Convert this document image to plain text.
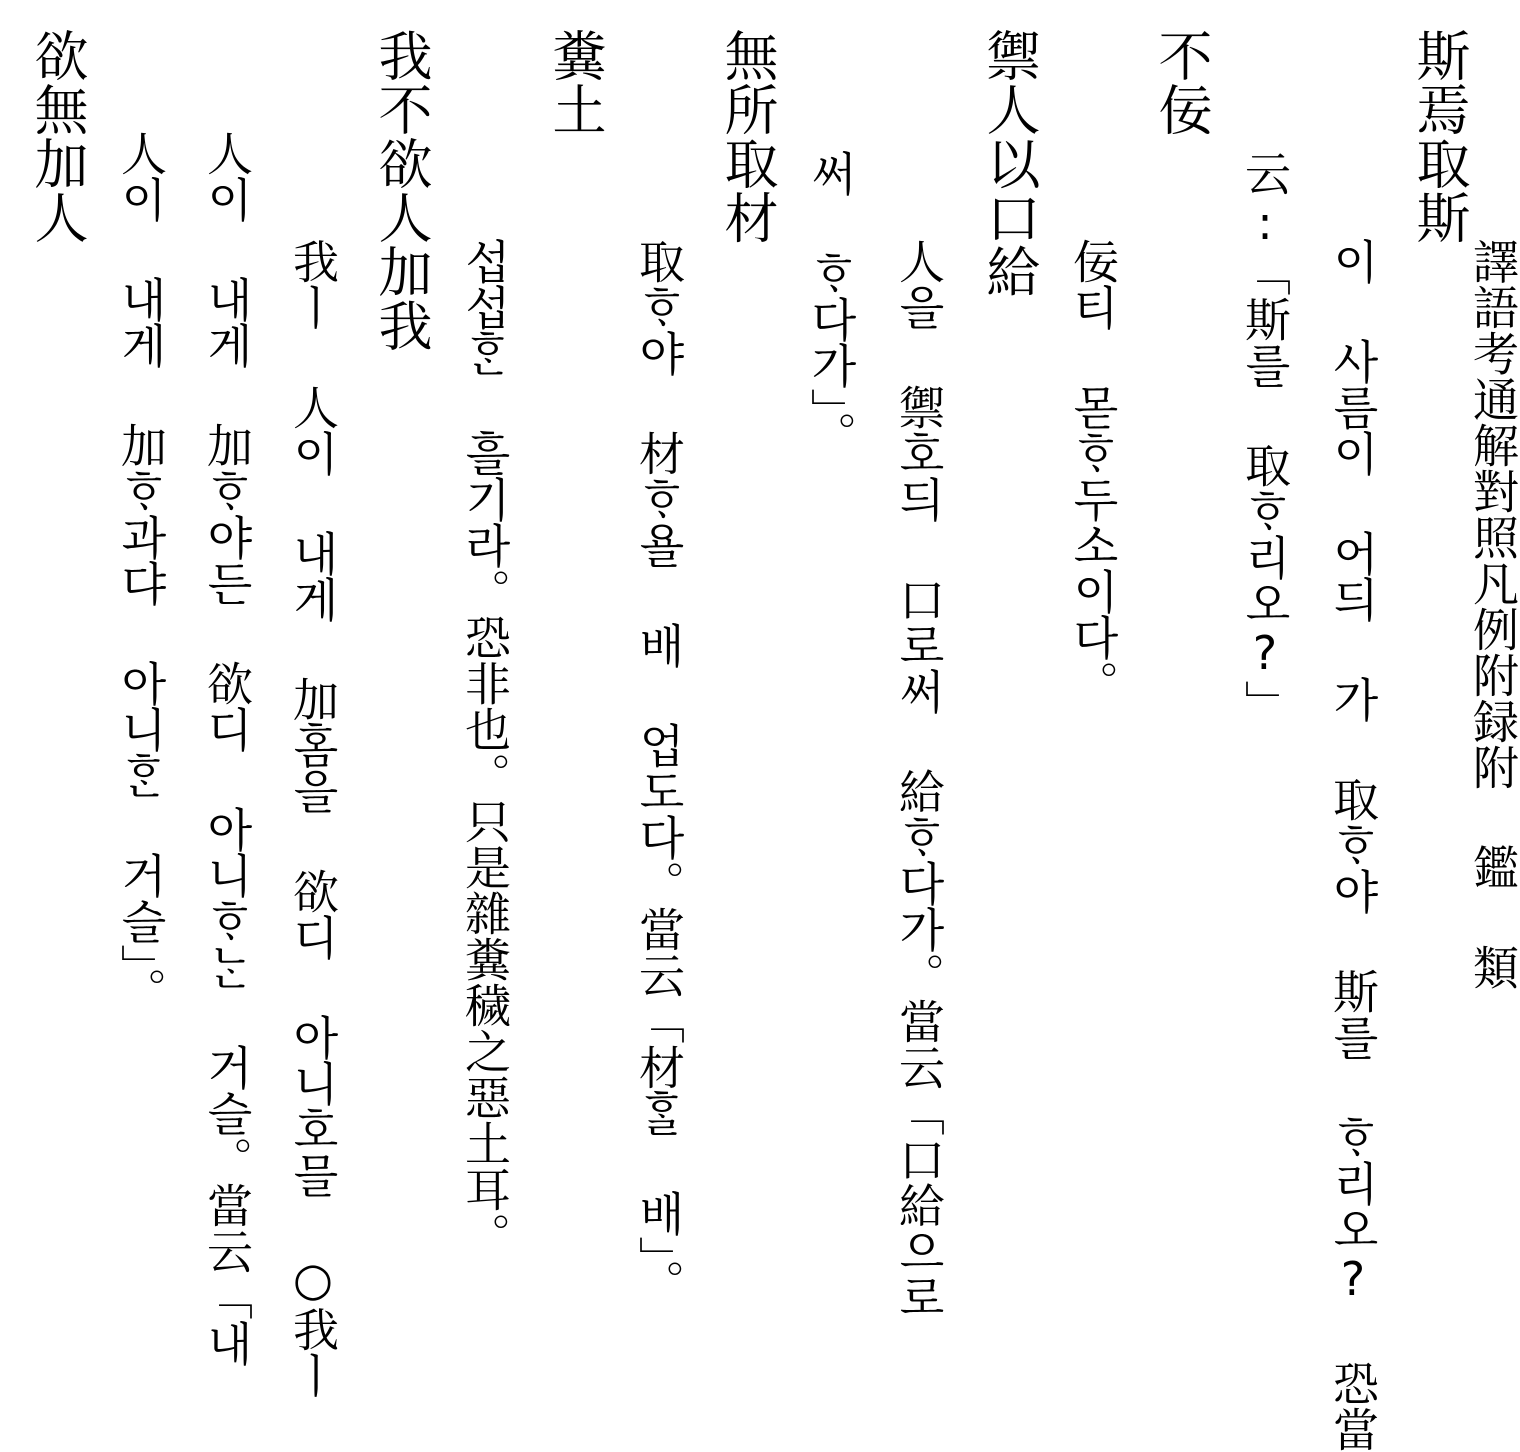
斯焉取斯
이 사름이 어듸 가 取ᄒᆞ야 斯를 ᄒᆞ리오? 恐當
云:「斯를 取ᄒᆞ리오?」
不佞
佞티 몯ᄒᆞ두소이다。
禦人以口給
人을 禦호듸 口로써 給ᄒᆞ다가。當云「口給으로
써 ᄒᆞ다가」。
無所取材
取ᄒᆞ야 材ᄒᆞ욜 배 업도다。當云「材ᄒᆞᆯ 배」。
糞土
섭섭ᄒᆞᆫ 흘기라。恐非也。只是雜糞穢之惡土耳。
我不欲人加我
我ㅣ 人이 내게 加홈을 欲디 아니호믈 ○我ㅣ
人이 내게 加ᄒᆞ야든 欲디 아니ᄒᆞᄂᆞᆫ 거슬。當云「내
人이 내게 加ᄒᆞ과댜 아니ᄒᆞᆫ 거슬」。
欲無加人
譯語考通解對照凡例附録附 鑑 類
